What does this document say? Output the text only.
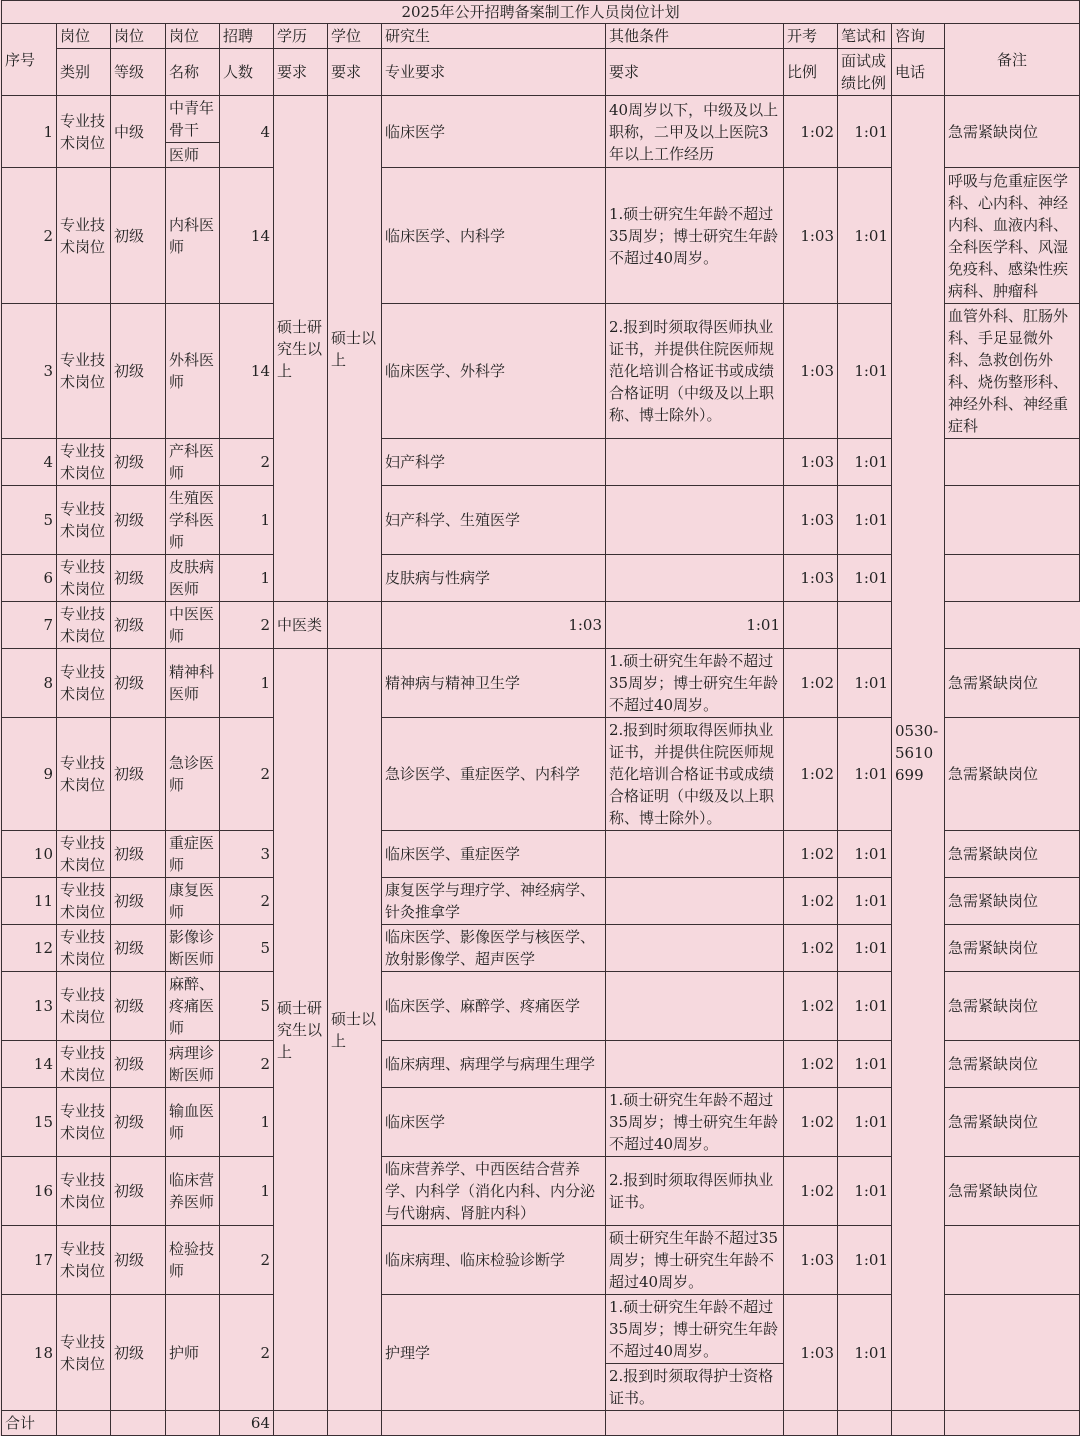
2025年公开招聘备案制工作人员岗位计划												
序号	岗位	岗位	岗位	招聘	学历	学位	研究生	其他条件	开考	笔试和	咨询	备注
	类别	等级	名称	人数	要求	要求	专业要求	要求	比例	面试成绩比例	电话	
1	专业技术岗位	中级	中青年骨干	4	硕士研究生以上	硕士以上	临床医学	40周岁以下，中级及以上职称，二甲及以上医院3年以上工作经历	1:02	1:01	0530-5610699	急需紧缺岗位
			医师									
2	专业技术岗位	初级	内科医师	14			临床医学、内科学	1.硕士研究生年龄不超过35周岁；博士研究生年龄不超过40周岁。	1:03	1:01		呼吸与危重症医学科、心内科、神经内科、血液内科、全科医学科、风湿免疫科、感染性疾病科、肿瘤科
3	专业技术岗位	初级	外科医师	14			临床医学、外科学	2.报到时须取得医师执业证书，并提供住院医师规范化培训合格证书或成绩合格证明（中级及以上职称、博士除外）。	1:03	1:01		血管外科、肛肠外科、手足显微外科、急救创伤外科、烧伤整形科、神经外科、神经重症科
4	专业技术岗位	初级	产科医师	2			妇产科学		1:03	1:01		
5	专业技术岗位	初级	生殖医学科医师	1			妇产科学、生殖医学		1:03	1:01		
6	专业技术岗位	初级	皮肤病医师	1			皮肤病与性病学		1:03	1:01		
7	专业技术岗位	初级	中医医师	2	中医类		1:03	1:01				
8	专业技术岗位	初级	精神科医师	1	硕士研究生以上	硕士以上	精神病与精神卫生学	1.硕士研究生年龄不超过35周岁；博士研究生年龄不超过40周岁。	1:02	1:01		急需紧缺岗位
9	专业技术岗位	初级	急诊医师	2			急诊医学、重症医学、内科学	2.报到时须取得医师执业证书，并提供住院医师规范化培训合格证书或成绩合格证明（中级及以上职称、博士除外）。	1:02	1:01		急需紧缺岗位
10	专业技术岗位	初级	重症医师	3			临床医学、重症医学		1:02	1:01		急需紧缺岗位
11	专业技术岗位	初级	康复医师	2			康复医学与理疗学、神经病学、针灸推拿学		1:02	1:01		急需紧缺岗位
12	专业技术岗位	初级	影像诊断医师	5			临床医学、影像医学与核医学、放射影像学、超声医学		1:02	1:01		急需紧缺岗位
13	专业技术岗位	初级	麻醉、疼痛医师	5			临床医学、麻醉学、疼痛医学		1:02	1:01		急需紧缺岗位
14	专业技术岗位	初级	病理诊断医师	2			临床病理、病理学与病理生理学		1:02	1:01		急需紧缺岗位
15	专业技术岗位	初级	输血医师	1			临床医学	1.硕士研究生年龄不超过35周岁；博士研究生年龄不超过40周岁。	1:02	1:01		急需紧缺岗位
16	专业技术岗位	初级	临床营养医师	1			临床营养学、中西医结合营养学、内科学（消化内科、内分泌与代谢病、肾脏内科）	2.报到时须取得医师执业证书。	1:02	1:01		急需紧缺岗位
17	专业技术岗位	初级	检验技师	2			临床病理、临床检验诊断学	硕士研究生年龄不超过35周岁；博士研究生年龄不超过40周岁。	1:03	1:01		
18	专业技术岗位	初级	护师	2			护理学	1.硕士研究生年龄不超过35周岁；博士研究生年龄不超过40周岁。	1:03	1:01		
								2.报到时须取得护士资格证书。				
合计				64								
